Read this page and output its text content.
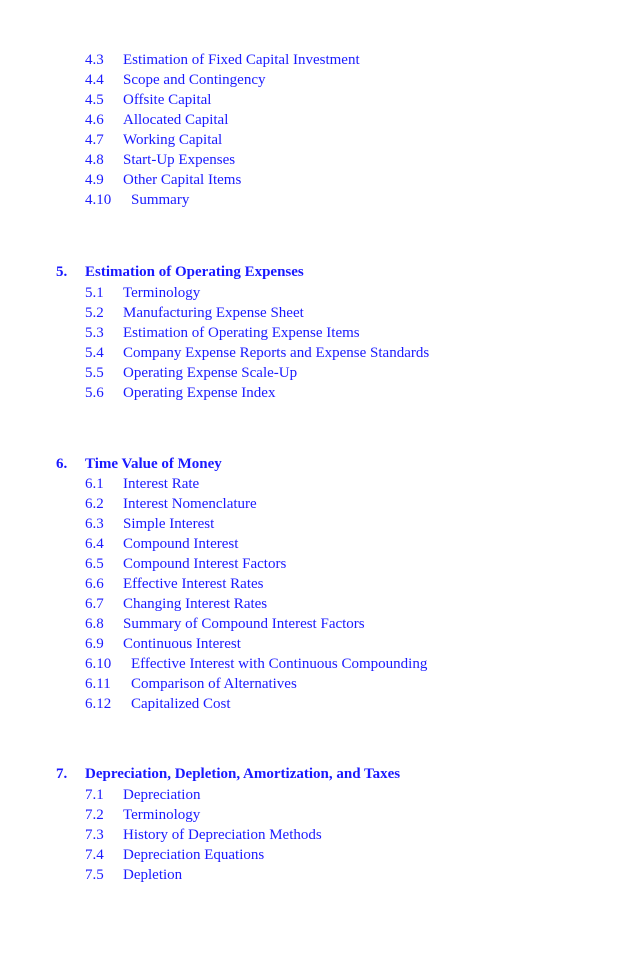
4.3 Estimation of Fixed Capital Investment
4.4 Scope and Contingency
4.5 Offsite Capital
4.6 Allocated Capital
4.7 Working Capital
4.8 Start-Up Expenses
4.9 Other Capital Items
4.10 Summary
5. Estimation of Operating Expenses
5.1 Terminology
5.2 Manufacturing Expense Sheet
5.3 Estimation of Operating Expense Items
5.4 Company Expense Reports and Expense Standards
5.5 Operating Expense Scale-Up
5.6 Operating Expense Index
6. Time Value of Money
6.1 Interest Rate
6.2 Interest Nomenclature
6.3 Simple Interest
6.4 Compound Interest
6.5 Compound Interest Factors
6.6 Effective Interest Rates
6.7 Changing Interest Rates
6.8 Summary of Compound Interest Factors
6.9 Continuous Interest
6.10 Effective Interest with Continuous Compounding
6.11 Comparison of Alternatives
6.12 Capitalized Cost
7. Depreciation, Depletion, Amortization, and Taxes
7.1 Depreciation
7.2 Terminology
7.3 History of Depreciation Methods
7.4 Depreciation Equations
7.5 Depletion
